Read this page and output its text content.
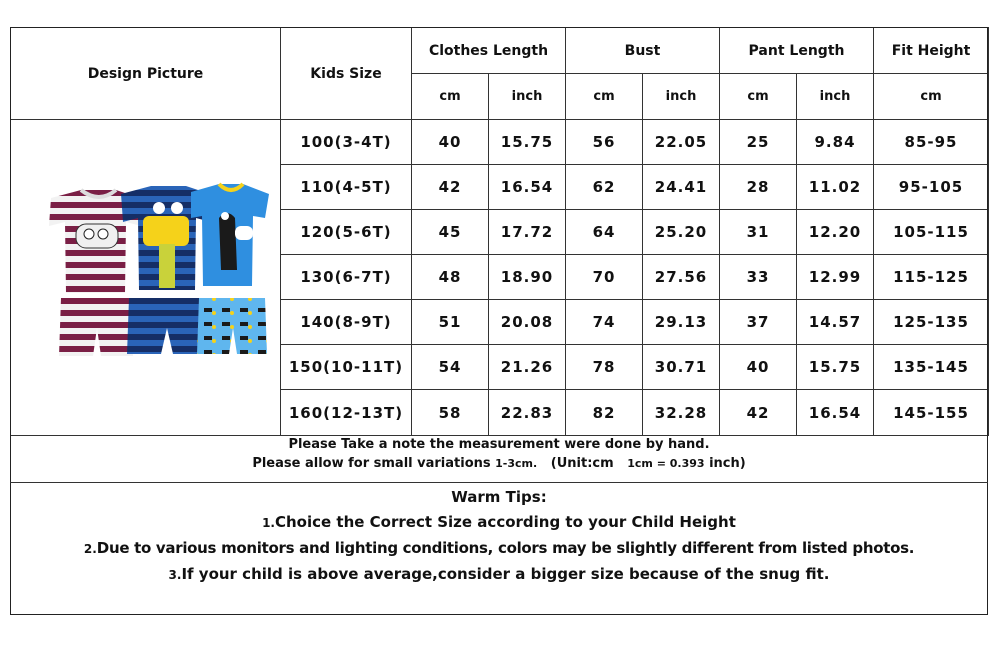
Design Picture	Kids Size	Clothes Length		Bust		Pant Length		Fit Height
		cm	inch	cm	inch	cm	inch	cm

	100(3-4T)	40	15.75	56	22.05	25	9.84	85-95
	110(4-5T)	42	16.54	62	24.41	28	11.02	95-105
	120(5-6T)	45	17.72	64	25.20	31	12.20	105-115
	130(6-7T)	48	18.90	70	27.56	33	12.99	115-125
	140(8-9T)	51	20.08	74	29.13	37	14.57	125-135
	150(10-11T)	54	21.26	78	30.71	40	15.75	135-145
	160(12-13T)	58	22.83	82	32.28	42	16.54	145-155
Please Take a note the measurement were done by hand.
Please allow for small variations 1-3cm.   (Unit:cm   1cm = 0.393 inch)
Warm Tips:
1.Choice the Correct Size according to your Child Height
2.Due to various monitors and lighting conditions, colors may be slightly different from listed photos.
3.If your child is above average,consider a bigger size because of the snug fit.
